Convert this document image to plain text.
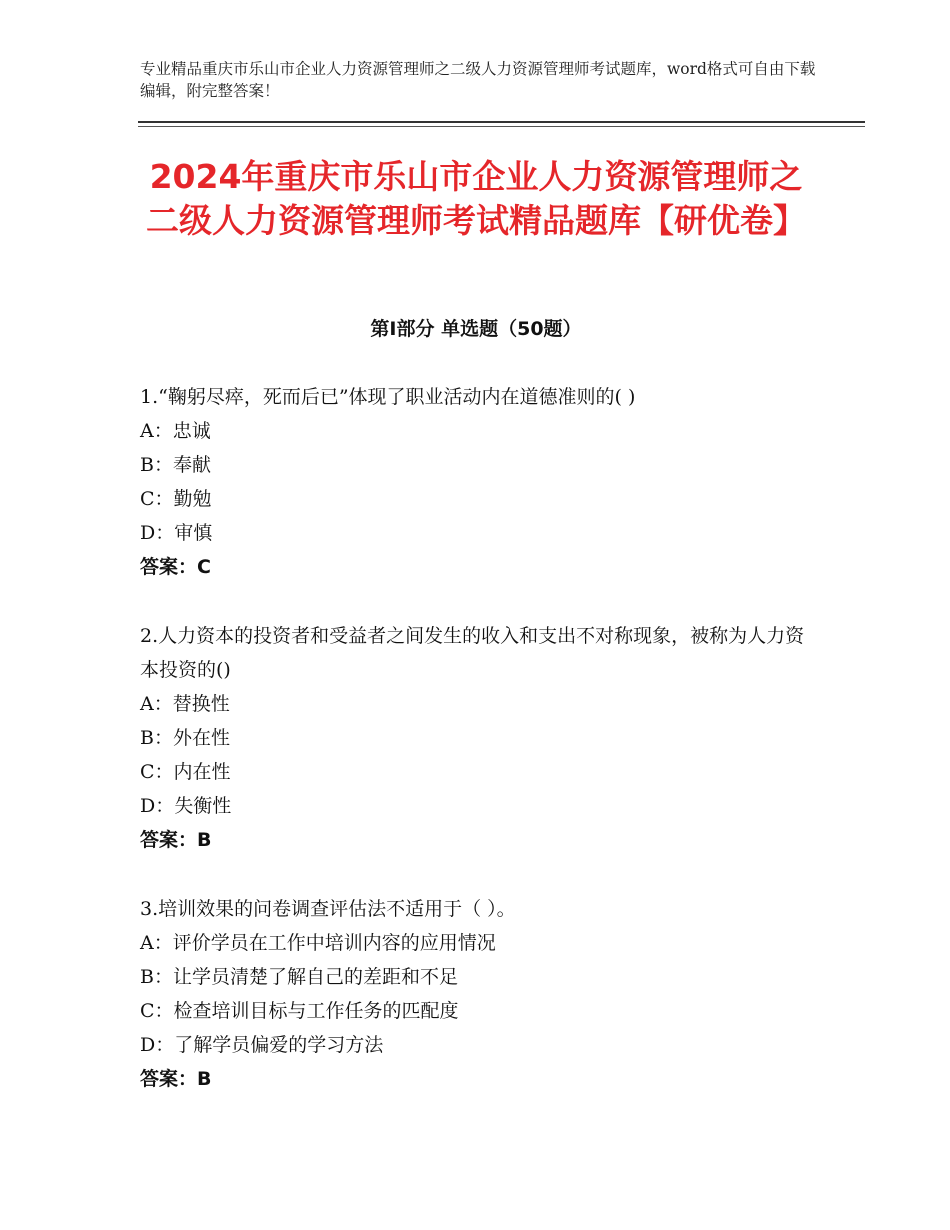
专业精品重庆市乐山市企业人力资源管理师之二级人力资源管理师考试题库，word格式可自由下载编辑，附完整答案！
2024年重庆市乐山市企业人力资源管理师之二级人力资源管理师考试精品题库【研优卷】
第Ⅰ部分 单选题（50题）

1.“鞠躬尽瘁，死而后已”体现了职业活动内在道德准则的( )

A：忠诚

B：奉献

C：勤勉

D：审慎

答案：C

2.人力资本的投资者和受益者之间发生的收入和支出不对称现象，被称为人力资本投资的()

A：替换性

B：外在性

C：内在性

D：失衡性

答案：B

3.培训效果的问卷调查评估法不适用于（ ）。

A：评价学员在工作中培训内容的应用情况

B：让学员清楚了解自己的差距和不足

C：检查培训目标与工作任务的匹配度

D：了解学员偏爱的学习方法

答案：B
